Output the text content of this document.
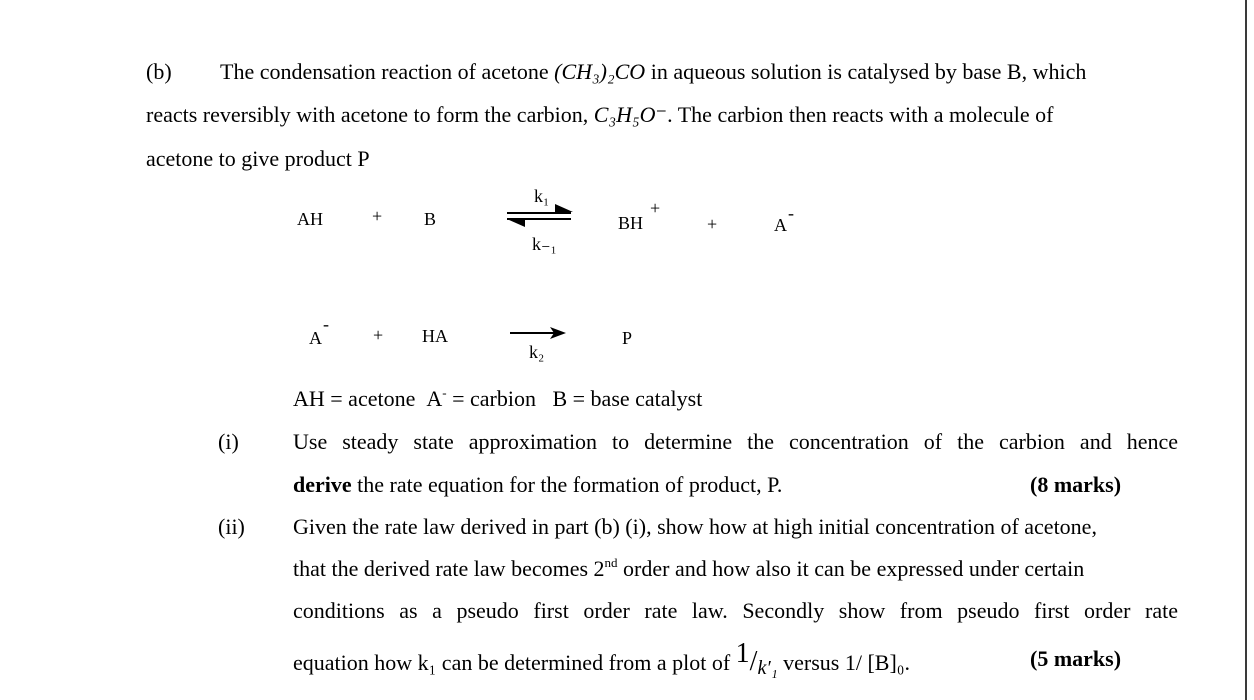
(b) The condensation reaction of acetone (CH₃)₂CO in aqueous solution is catalysed by base B, which
reacts reversibly with acetone to form the carbion, C₃H₅O⁻. The carbion then reacts with a molecule of
acetone to give product P
AH	+ B
k₁
k₋₁
BH
+
+	A
-
A
-
+ HA
k₂
P
AH = acetone A- = carbion B = base catalyst
(i) Use steady state approximation to determine the concentration of the carbion and hence
derive the rate equation for the formation of product, P.	(8 marks)
(ii) Given the rate law derived in part (b) (i), show how at high initial concentration of acetone,
that the derived rate law becomes 2nd order and how also it can be expressed under certain
conditions as a pseudo first order rate law. Secondly show from pseudo first order rate
equation how k₁ can be determined from a plot of 1/k′₁ versus 1/ [B]₀.	(5 marks)
